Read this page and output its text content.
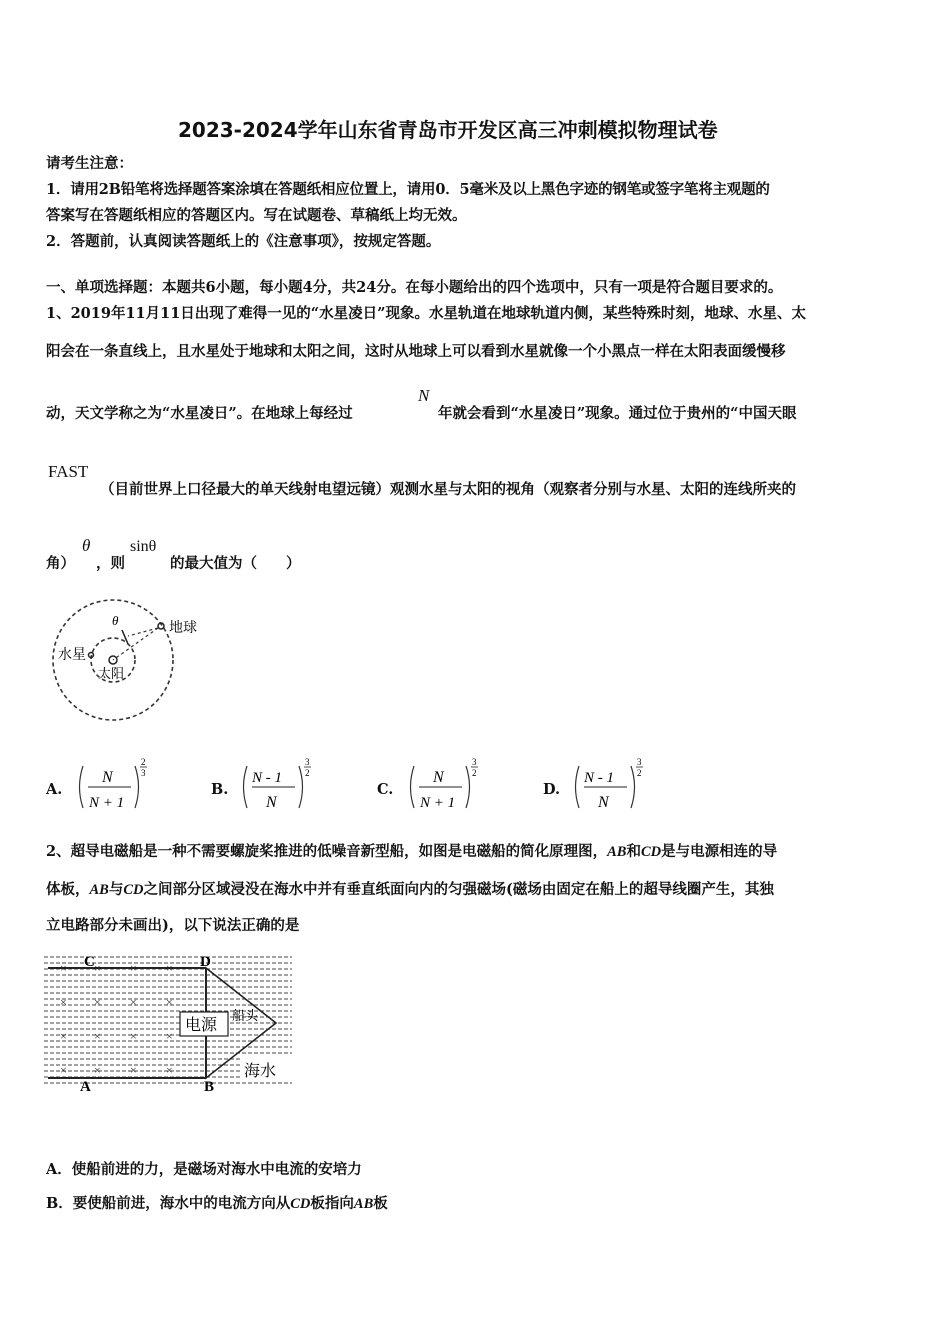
2023-2024学年山东省青岛市开发区高三冲刺模拟物理试卷
请考生注意：
1．请用2B铅笔将选择题答案涂填在答题纸相应位置上，请用0．5毫米及以上黑色字迹的钢笔或签字笔将主观题的
答案写在答题纸相应的答题区内。写在试题卷、草稿纸上均无效。
2．答题前，认真阅读答题纸上的《注意事项》，按规定答题。
一、单项选择题：本题共6小题，每小题4分，共24分。在每小题给出的四个选项中，只有一项是符合题目要求的。
1、2019年11月11日出现了难得一见的“水星凌日”现象。水星轨道在地球轨道内侧，某些特殊时刻，地球、水星、太
阳会在一条直线上，且水星处于地球和太阳之间，这时从地球上可以看到水星就像一个小黑点一样在太阳表面缓慢移
动，天文学称之为“水星凌日”。在地球上每经过
N
年就会看到“水星凌日”现象。通过位于贵州的“中国天眼
FAST
（目前世界上口径最大的单天线射电望远镜）观测水星与太阳的视角（观察者分别与水星、太阳的连线所夹的
角）
θ
，则
sinθ
的最大值为（　　）
θ
地球
水星
太阳
A.
N
N + 1
2
3
B.
N - 1
N
3
2
C.
N
N + 1
3
2
D.
N - 1
N
3
2
2、超导电磁船是一种不需要螺旋桨推进的低噪音新型船，如图是电磁船的简化原理图，AB和CD是与电源相连的导
体板，AB与CD之间部分区域浸没在海水中并有垂直纸面向内的匀强磁场(磁场由固定在船上的超导线圈产生，其独
立电路部分未画出)，以下说法正确的是
电源
船头
海水
× × × ×
× × × ×
× × × ×
× × × ×
C	D
A	B
A．使船前进的力，是磁场对海水中电流的安培力
B．要使船前进，海水中的电流方向从CD板指向AB板
